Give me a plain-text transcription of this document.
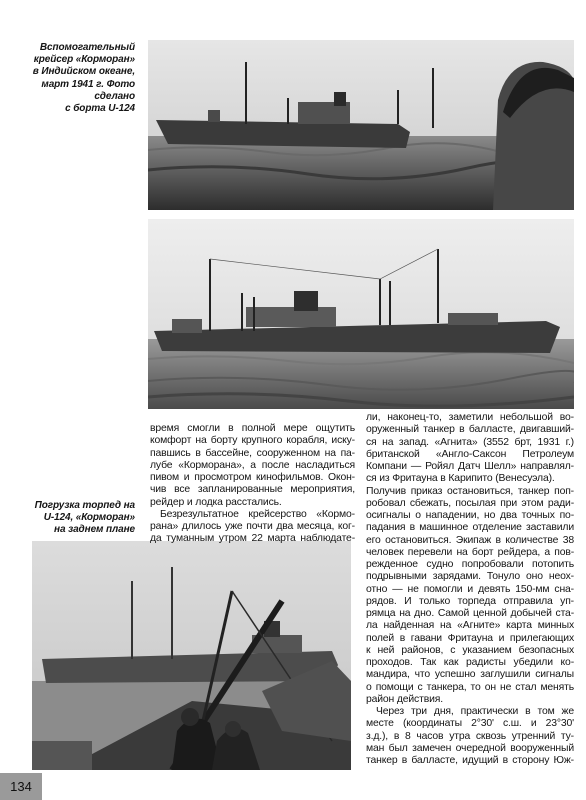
Вспомогательный
крейсер «Корморан»
в Индийском океане,
март 1941 г. Фото
сделано
с борта U-124
Погрузка торпед на
U-124, «Корморан»
на заднем плане
время смогли в полной мере ощутить
комфорт на борту крупного корабля, иску-
павшись в бассейне, сооруженном на па-
лубе «Корморана», а после насладиться
пивом и просмотром кинофильмов. Окон-
чив все запланированные мероприятия,
рейдер и лодка расстались.
Безрезультатное крейсерство «Кормо-
рана» длилось уже почти два месяца, ког-
да туманным утром 22 марта наблюдате-
ли, наконец-то, заметили небольшой во-
оруженный танкер в балласте, двигавший-
ся на запад. «Агнита» (3552 брт, 1931 г.)
британской «Англо-Саксон Петролеум
Компани — Ройял Датч Шелл» направлял-
ся из Фритауна в Карипито (Венесуэла).
Получив приказ остановиться, танкер поп-
робовал сбежать, посылая при этом ради-
осигналы о нападении, но два точных по-
падания в машинное отделение заставили
его остановиться. Экипаж в количестве 38
человек перевели на борт рейдера, а пов-
режденное судно попробовали потопить
подрывными зарядами. Тонуло оно неох-
отно — не помогли и девять 150-мм сна-
рядов. И только торпеда отправила уп-
рямца на дно. Самой ценной добычей ста-
ла найденная на «Агните» карта минных
полей в гавани Фритауна и прилегающих
к ней районов, с указанием безопасных
проходов. Так как радисты убедили ко-
мандира, что успешно заглушили сигналы
о помощи с танкера, то он не стал менять
район действия.
Через три дня, практически в том же
месте (координаты 2°30' с.ш. и 23°30'
з.д.), в 8 часов утра сквозь утренний ту-
ман был замечен очередной вооруженный
танкер в балласте, идущий в сторону Юж-
134
